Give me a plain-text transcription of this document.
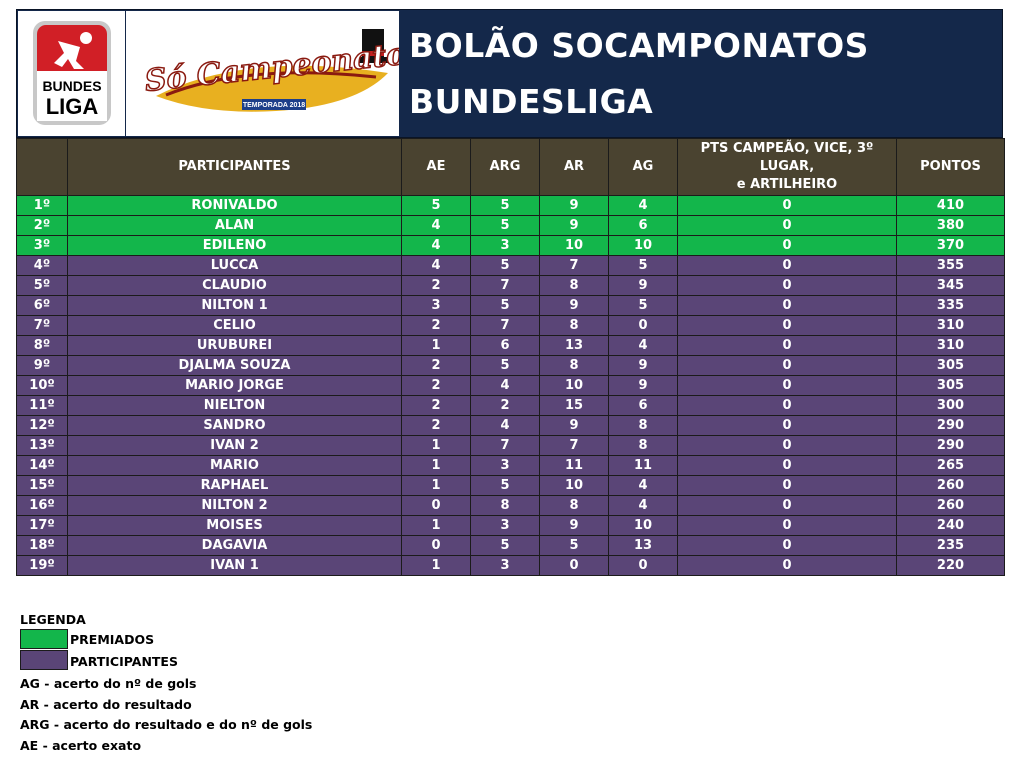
BUNDES
LIGA
Só Campeonatos
TEMPORADA 2018
BOLÃO SOCAMPONATOS
BUNDESLIGA
	PARTICIPANTES	AE	ARG	AR	AG	PTS CAMPEÃO, VICE, 3º LUGAR,
e ARTILHEIRO	PONTOS
1º	RONIVALDO	5	5	9	4	0	410
2º	ALAN	4	5	9	6	0	380
3º	EDILENO	4	3	10	10	0	370
4º	LUCCA	4	5	7	5	0	355
5º	CLAUDIO	2	7	8	9	0	345
6º	NILTON 1	3	5	9	5	0	335
7º	CELIO	2	7	8	0	0	310
8º	URUBUREI	1	6	13	4	0	310
9º	DJALMA SOUZA	2	5	8	9	0	305
10º	MARIO JORGE	2	4	10	9	0	305
11º	NIELTON	2	2	15	6	0	300
12º	SANDRO	2	4	9	8	0	290
13º	IVAN 2	1	7	7	8	0	290
14º	MARIO	1	3	11	11	0	265
15º	RAPHAEL	1	5	10	4	0	260
16º	NILTON 2	0	8	8	4	0	260
17º	MOISES	1	3	9	10	0	240
18º	DAGAVIA	0	5	5	13	0	235
19º	IVAN 1	1	3	0	0	0	220
LEGENDA
PREMIADOS
PARTICIPANTES
AG - acerto do nº de gols
AR - acerto do resultado
ARG - acerto do resultado e do nº de gols
AE - acerto exato
